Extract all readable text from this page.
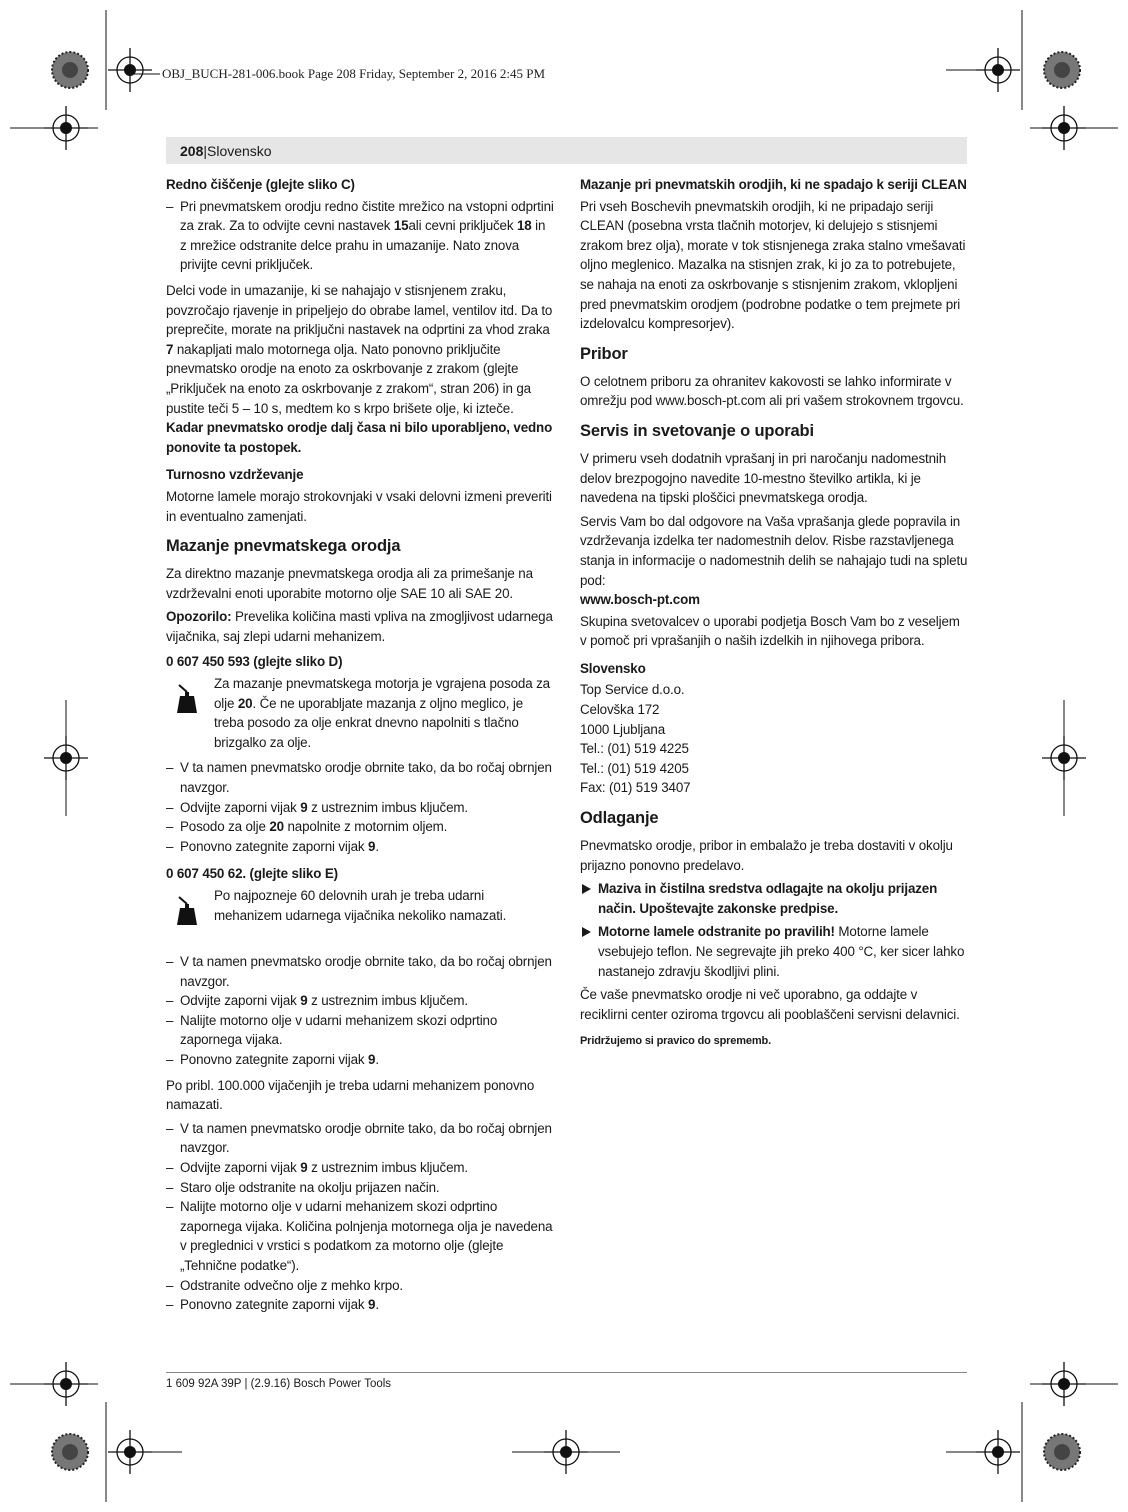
OBJ_BUCH-281-006.book Page 208 Friday, September 2, 2016 2:45 PM
208 | Slovensko

Redno čiščenje (glejte sliko C)

– Pri pnevmatskem orodju redno čistite mrežico na vstopni odprtini za zrak. Za to odvijte cevni nastavek 15ali cevni priključek 18 in z mrežice odstranite delce prahu in umazanije. Nato znova privijte cevni priključek.

Delci vode in umazanije, ki se nahajajo v stisnjenem zraku, povzročajo rjavenje in pripeljejo do obrabe lamel, ventilov itd. Da to preprečite, morate na priključni nastavek na odprtini za vhod zraka 7 nakapljati malo motornega olja. Nato ponovno priključite pnevmatsko orodje na enoto za oskrbovanje z zrakom (glejte „Priključek na enoto za oskrbovanje z zrakom“, stran 206) in ga pustite teči 5 – 10 s, medtem ko s krpo brišete olje, ki izteče. Kadar pnevmatsko orodje dalj časa ni bilo uporabljeno, vedno ponovite ta postopek.

Turnosno vzdrževanje

Motorne lamele morajo strokovnjaki v vsaki delovni izmeni preveriti in eventualno zamenjati.

Mazanje pnevmatskega orodja

Za direktno mazanje pnevmatskega orodja ali za primešanje na vzdrževalni enoti uporabite motorno olje SAE 10 ali SAE 20.

Opozorilo: Prevelika količina masti vpliva na zmogljivost udarnega vijačnika, saj zlepi udarni mehanizem.

0 607 450 593 (glejte sliko D)

Za mazanje pnevmatskega motorja je vgrajena posoda za olje 20. Če ne uporabljate mazanja z oljno meglico, je treba posodo za olje enkrat dnevno napolniti s tlačno brizgalko za olje.

– V ta namen pnevmatsko orodje obrnite tako, da bo ročaj obrnjen navzgor.

– Odvijte zaporni vijak 9 z ustreznim imbus ključem.

– Posodo za olje 20 napolnite z motornim oljem.

– Ponovno zategnite zaporni vijak 9.

0 607 450 62. (glejte sliko E)

Po najpozneje 60 delovnih urah je treba udarni mehanizem udarnega vijačnika nekoliko namazati.

– V ta namen pnevmatsko orodje obrnite tako, da bo ročaj obrnjen navzgor.

– Odvijte zaporni vijak 9 z ustreznim imbus ključem.

– Nalijte motorno olje v udarni mehanizem skozi odprtino zapornega vijaka.

– Ponovno zategnite zaporni vijak 9.

Po pribl. 100.000 vijačenjih je treba udarni mehanizem ponovno namazati.

– V ta namen pnevmatsko orodje obrnite tako, da bo ročaj obrnjen navzgor.

– Odvijte zaporni vijak 9 z ustreznim imbus ključem.

– Staro olje odstranite na okolju prijazen način.

– Nalijte motorno olje v udarni mehanizem skozi odprtino zapornega vijaka. Količina polnjenja motornega olja je navedena v preglednici v vrstici s podatkom za motorno olje (glejte „Tehnične podatke“).

– Odstranite odvečno olje z mehko krpo.

– Ponovno zategnite zaporni vijak 9.

Mazanje pri pnevmatskih orodjih, ki ne spadajo k seriji CLEAN

Pri vseh Boschevih pnevmatskih orodjih, ki ne pripadajo seriji CLEAN (posebna vrsta tlačnih motorjev, ki delujejo s stisnjemi zrakom brez olja), morate v tok stisnjenega zraka stalno vmešavati oljno meglenico. Mazalka na stisnjen zrak, ki jo za to potrebujete, se nahaja na enoti za oskrbovanje s stisnjenim zrakom, vklopljeni pred pnevmatskim orodjem (podrobne podatke o tem prejmete pri izdelovalcu kompresorjev).

Pribor

O celotnem priboru za ohranitev kakovosti se lahko informirate v omrežju pod www.bosch-pt.com ali pri vašem strokovnem trgovcu.

Servis in svetovanje o uporabi

V primeru vseh dodatnih vprašanj in pri naročanju nadomestnih delov brezpogojno navedite 10-mestno številko artikla, ki je navedena na tipski ploščici pnevmatskega orodja.

Servis Vam bo dal odgovore na Vaša vprašanja glede popravila in vzdrževanja izdelka ter nadomestnih delov. Risbe razstavljenega stanja in informacije o nadomestnih delih se nahajajo tudi na spletu pod:

www.bosch-pt.com

Skupina svetovalcev o uporabi podjetja Bosch Vam bo z veseljem v pomoč pri vprašanjih o naših izdelkih in njihovega pribora.

Slovensko

Top Service d.o.o.

Celovška 172

1000 Ljubljana

Tel.: (01) 519 4225

Tel.: (01) 519 4205

Fax: (01) 519 3407

Odlaganje

Pnevmatsko orodje, pribor in embalažo je treba dostaviti v okolju prijazno ponovno predelavo.

Maziva in čistilna sredstva odlagajte na okolju prijazen način. Upoštevajte zakonske predpise.

Motorne lamele odstranite po pravilih! Motorne lamele vsebujejo teflon. Ne segrevajte jih preko 400 °C, ker sicer lahko nastanejo zdravju škodljivi plini.

Če vaše pnevmatsko orodje ni več uporabno, ga oddajte v reciklirni center oziroma trgovcu ali pooblaščeni servisni delavnici.

Pridržujemo si pravico do sprememb.

1 609 92A 39P | (2.9.16) Bosch Power Tools
